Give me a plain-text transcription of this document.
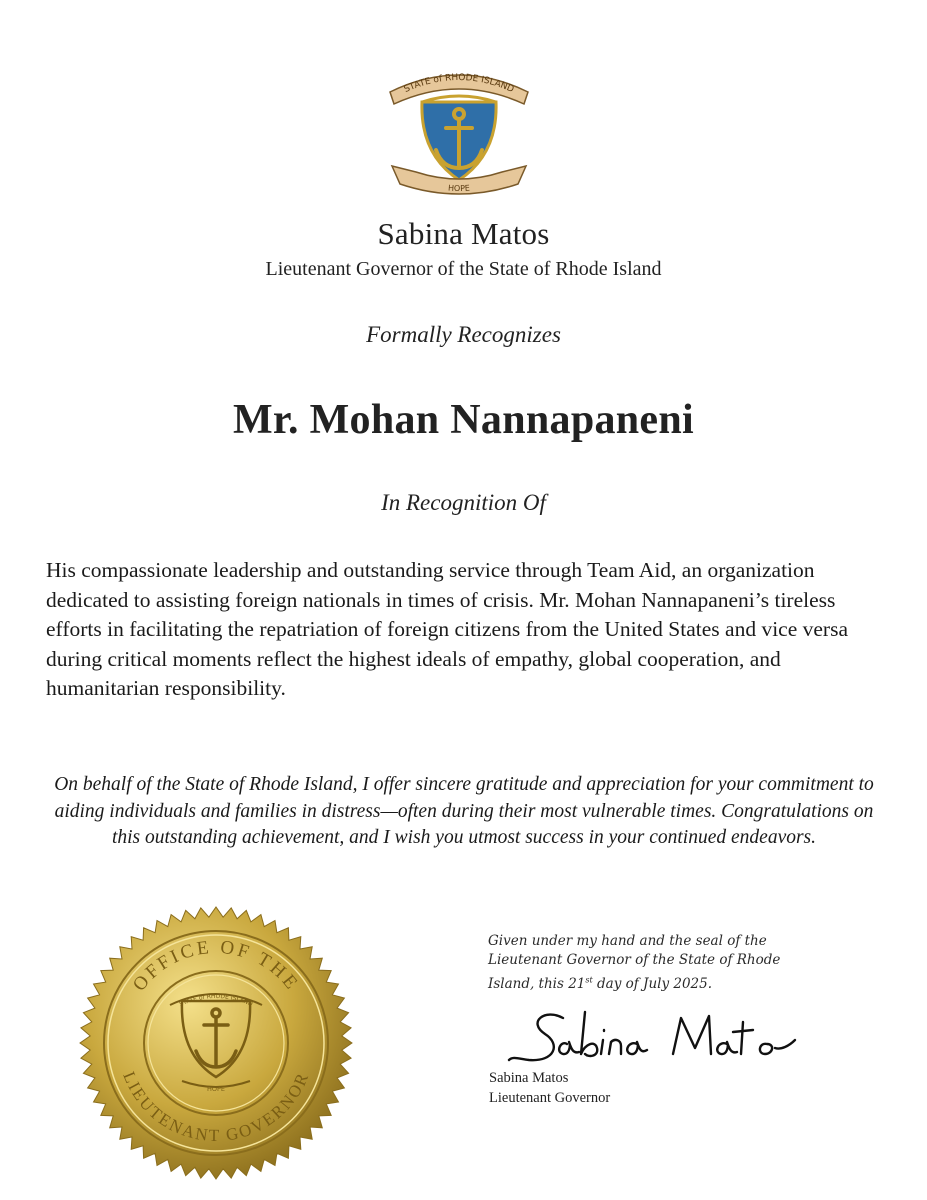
STATE of RHODE ISLAND
HOPE
Sabina Matos
Lieutenant Governor of the State of Rhode Island
Formally Recognizes
Mr. Mohan Nannapaneni
In Recognition Of

His compassionate leadership and outstanding service through Team Aid, an organization dedicated to assisting foreign nationals in times of crisis. Mr. Mohan Nannapaneni’s tireless efforts in facilitating the repatriation of foreign citizens from the United States and vice versa during critical moments reflect the highest ideals of empathy, global cooperation, and humanitarian responsibility.

On behalf of the State of Rhode Island, I offer sincere gratitude and appreciation for your commitment to aiding individuals and families in distress—often during their most vulnerable times. Congratulations on this outstanding achievement, and I wish you utmost success in your continued endeavors.

OFFICE OF THE
LIEUTENANT GOVERNOR
STATE of RHODE ISLAND
HOPE

Given under my hand and the seal of the
Lieutenant Governor of the State of Rhode
Island, this 21st day of July 2025.

Sabina Matos
Lieutenant Governor
